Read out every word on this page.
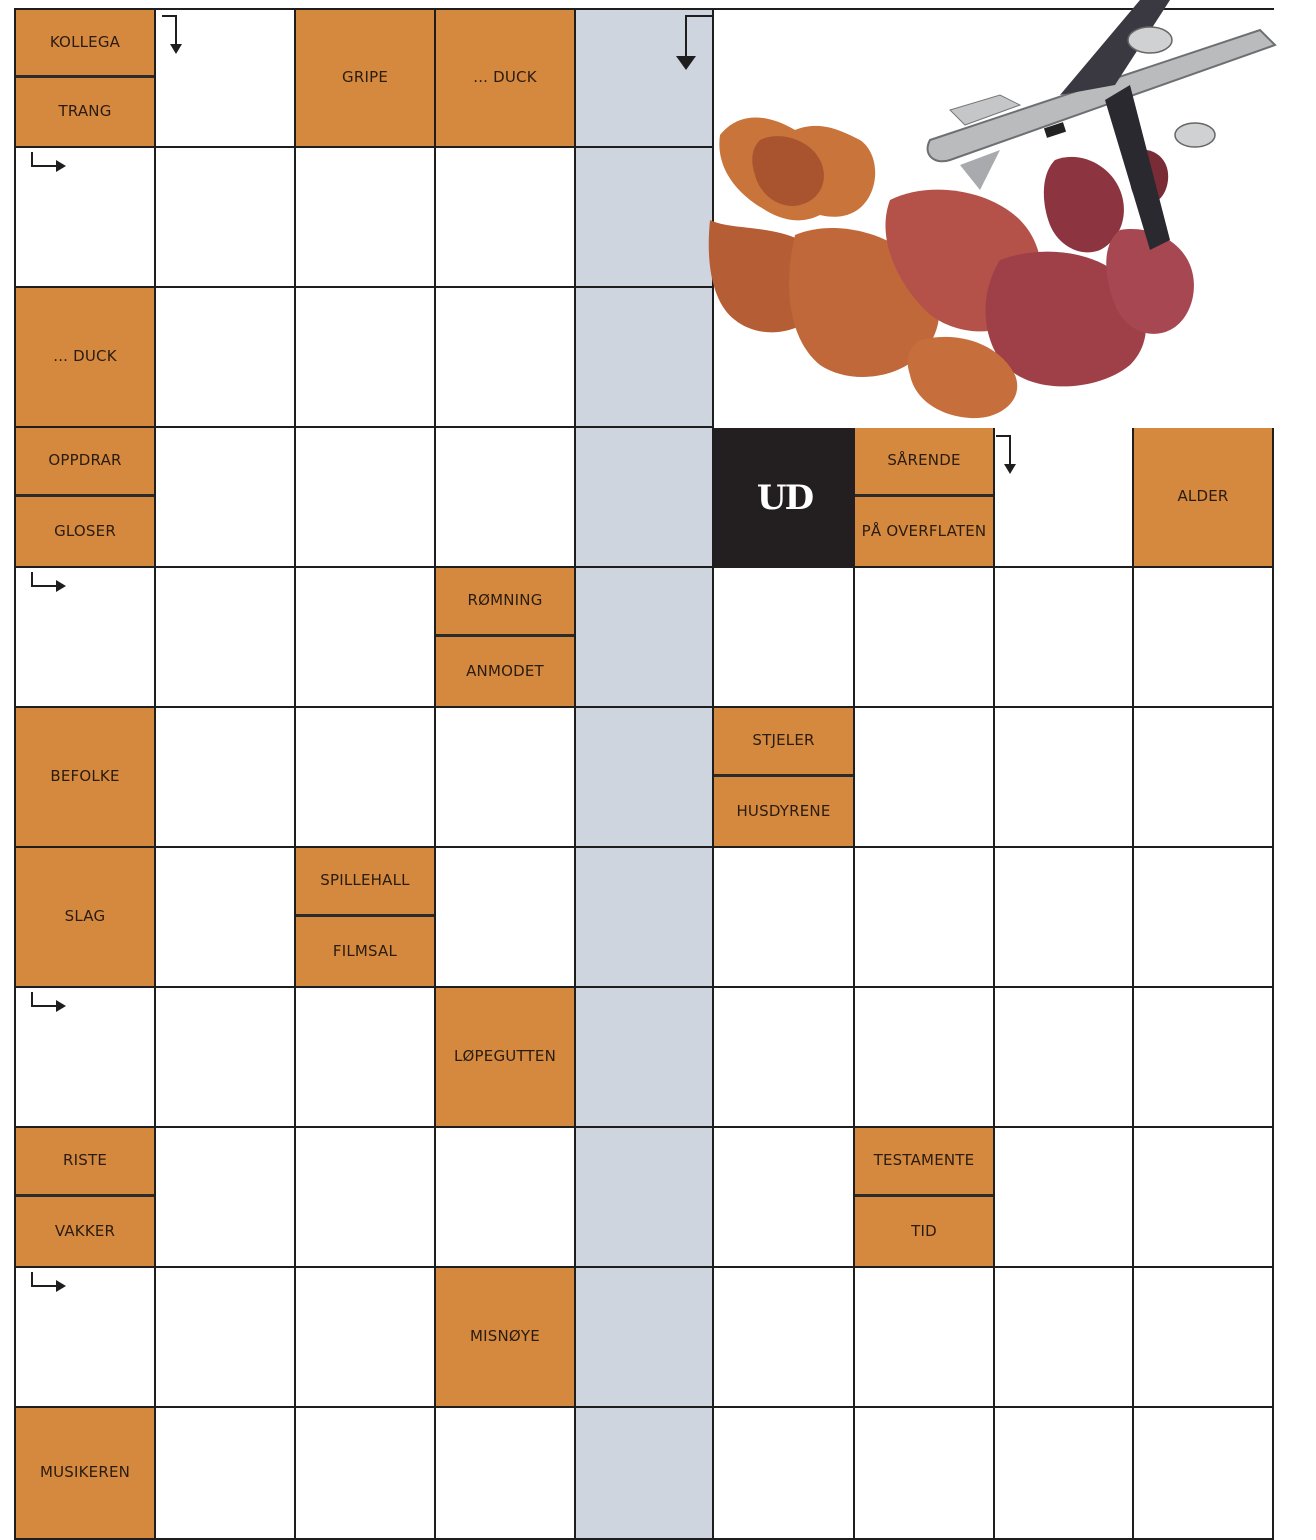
KOLLEGA
TRANG
GRIPE	... DUCK
... DUCK
OPPDRAR
GLOSER
SÅRENDE
PÅ OVERFLATEN
ALDER
RØMNING
ANMODET
BEFOLKE
STJELER
HUSDYRENE
SLAG
SPILLEHALL
FILMSAL
LØPEGUTTEN
RISTE
VAKKER
TESTAMENTE
TID
MISNØYE
MUSIKEREN
UD
